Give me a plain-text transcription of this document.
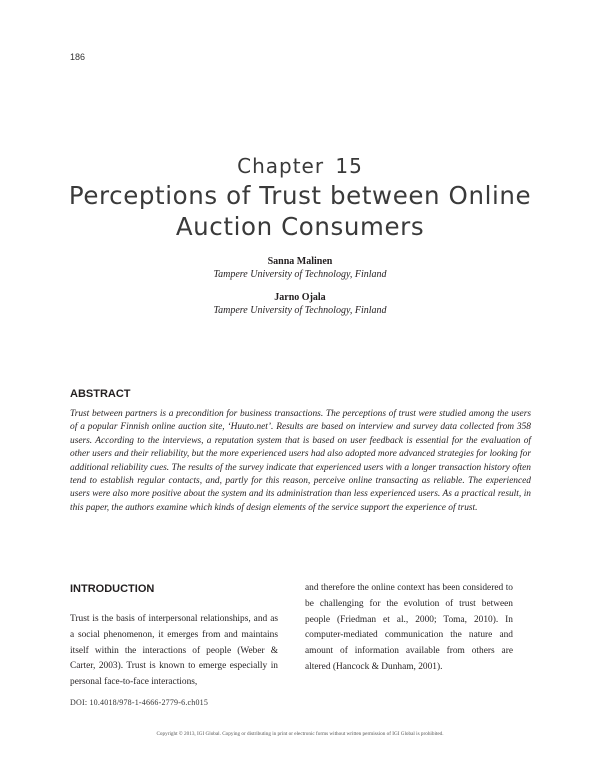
186
Chapter 15
Perceptions of Trust between Online Auction Consumers
Sanna Malinen
Tampere University of Technology, Finland
Jarno Ojala
Tampere University of Technology, Finland
ABSTRACT
Trust between partners is a precondition for business transactions. The perceptions of trust were studied among the users of a popular Finnish online auction site, ‘Huuto.net’. Results are based on interview and survey data collected from 358 users. According to the interviews, a reputation system that is based on user feedback is essential for the evaluation of other users and their reliability, but the more experienced users had also adopted more advanced strategies for looking for additional reliability cues. The results of the survey indicate that experienced users with a longer transaction history often tend to establish regular contacts, and, partly for this reason, perceive online transacting as reliable. The experienced users were also more positive about the system and its administration than less experienced users. As a practical result, in this paper, the authors examine which kinds of design elements of the service support the experience of trust.
INTRODUCTION
Trust is the basis of interpersonal relationships, and as a social phenomenon, it emerges from and maintains itself within the interactions of people (Weber & Carter, 2003). Trust is known to emerge especially in personal face-to-face interactions,
and therefore the online context has been considered to be challenging for the evolution of trust between people (Friedman et al., 2000; Toma, 2010). In computer-mediated communication the nature and amount of information available from others are altered (Hancock & Dunham, 2001).
DOI: 10.4018/978-1-4666-2779-6.ch015
Copyright © 2013, IGI Global. Copying or distributing in print or electronic forms without written permission of IGI Global is prohibited.
